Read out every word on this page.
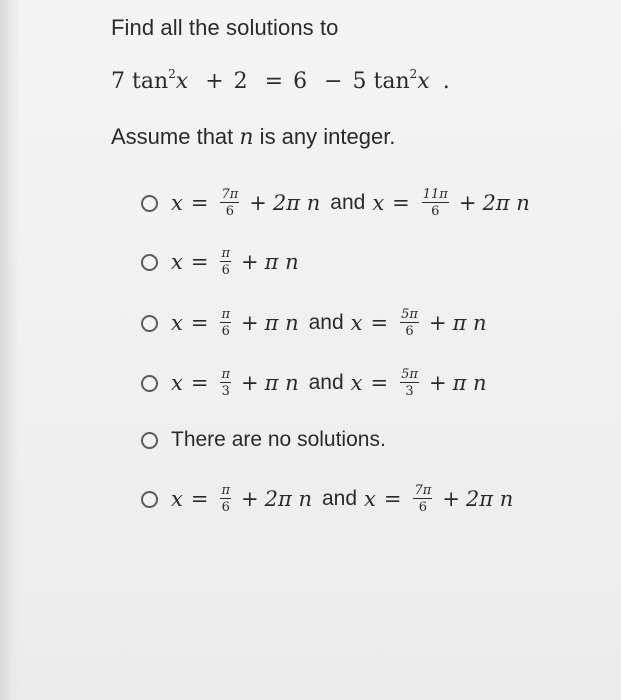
Find all the solutions to
7 $\tan^2x + 2 = 6 - 5$ $\tan^2x$ .
Assume that n is any integer.
$x = \frac{7\pi}{6} + 2\pi$ n and $x = \frac{11\pi}{6} + 2\pi$ n
$x = \frac{\pi}{6} + \pi$ n
$x = \frac{\pi}{6} + \pi$ n and $x = \frac{5\pi}{6} + \pi$ n
$x = \frac{\pi}{3} + \pi$ n and $x = \frac{5\pi}{3} + \pi$ n
There are no solutions.
$x = \frac{\pi}{6} + 2\pi$ n and $x = \frac{7\pi}{6} + 2\pi$ n
